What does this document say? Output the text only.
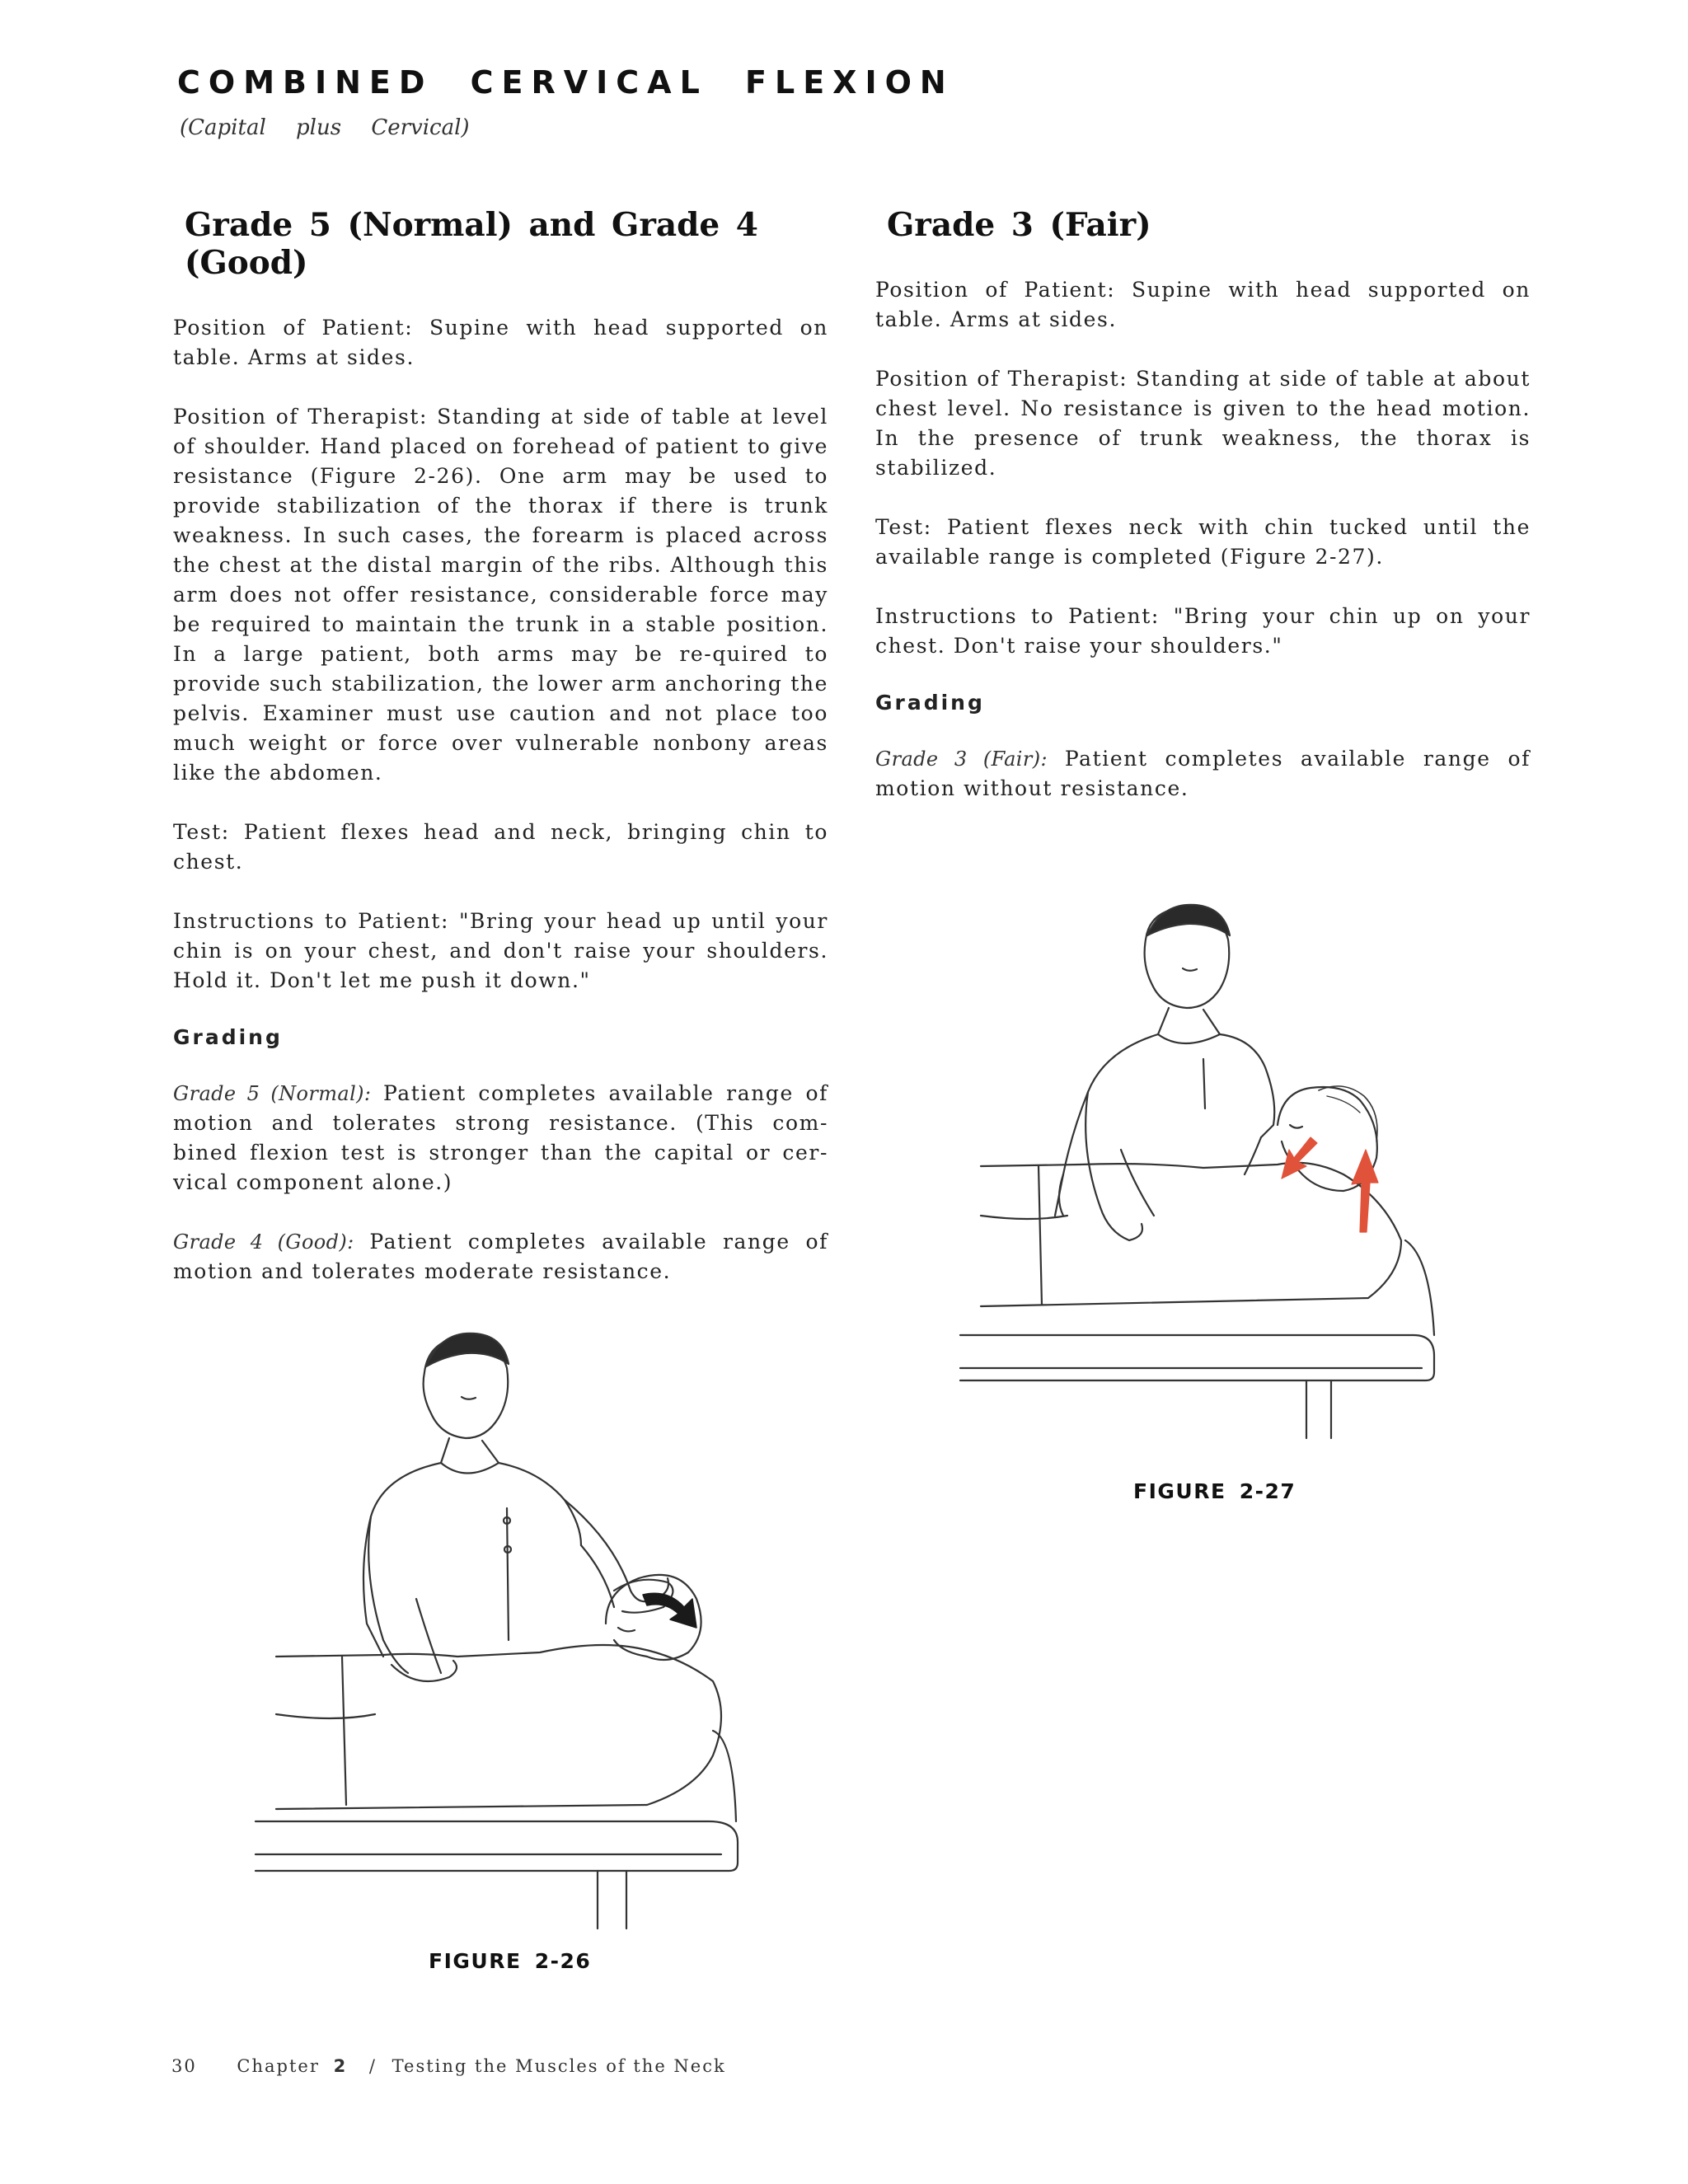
COMBINED CERVICAL FLEXION
(Capital plus Cervical)
Grade 5 (Normal) and Grade 4 (Good)

Position of Patient: Supine with head supported on table. Arms at sides.

Position of Therapist: Standing at side of table at level of shoulder. Hand placed on forehead of patient to give resistance (Figure 2-26). One arm may be used to provide stabilization of the thorax if there is trunk weakness. In such cases, the forearm is placed across the chest at the distal margin of the ribs. Although this arm does not offer resistance, considerable force may be required to maintain the trunk in a stable position. In a large patient, both arms may be re-quired to provide such stabilization, the lower arm anchoring the pelvis. Examiner must use caution and not place too much weight or force over vulnerable nonbony areas like the abdomen.

Test: Patient flexes head and neck, bringing chin to chest.

Instructions to Patient: "Bring your head up until your chin is on your chest, and don't raise your shoulders. Hold it. Don't let me push it down."

Grading

Grade 5 (Normal): Patient completes available range of motion and tolerates strong resistance. (This com-bined flexion test is stronger than the capital or cer-vical component alone.)

Grade 4 (Good): Patient completes available range of motion and tolerates moderate resistance.

Grade 3 (Fair)

Position of Patient: Supine with head supported on table. Arms at sides.

Position of Therapist: Standing at side of table at about chest level. No resistance is given to the head motion. In the presence of trunk weakness, the thorax is stabilized.

Test: Patient flexes neck with chin tucked until the available range is completed (Figure 2-27).

Instructions to Patient: "Bring your chin up on your chest. Don't raise your shoulders."

Grading

Grade 3 (Fair): Patient completes available range of motion without resistance.

FIGURE 2-26
FIGURE 2-27
30 Chapter 2 / Testing the Muscles of the Neck
